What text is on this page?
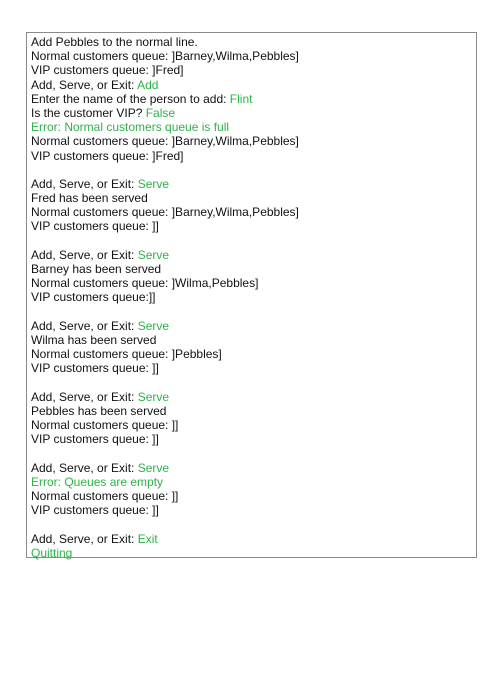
Add Pebbles to the normal line.
Normal customers queue: ]Barney,Wilma,Pebbles]
VIP customers queue: ]Fred]
Add, Serve, or Exit: Add
Enter the name of the person to add: Flint
Is the customer VIP? False
Error: Normal customers queue is full
Normal customers queue: ]Barney,Wilma,Pebbles]
VIP customers queue: ]Fred]
Add, Serve, or Exit: Serve
Fred has been served
Normal customers queue: ]Barney,Wilma,Pebbles]
VIP customers queue: ]]
Add, Serve, or Exit: Serve
Barney has been served
Normal customers queue: ]Wilma,Pebbles]
VIP customers queue:]]
Add, Serve, or Exit: Serve
Wilma has been served
Normal customers queue: ]Pebbles]
VIP customers queue: ]]
Add, Serve, or Exit: Serve
Pebbles has been served
Normal customers queue: ]]
VIP customers queue: ]]
Add, Serve, or Exit: Serve
Error: Queues are empty
Normal customers queue: ]]
VIP customers queue: ]]
Add, Serve, or Exit: Exit
Quitting
